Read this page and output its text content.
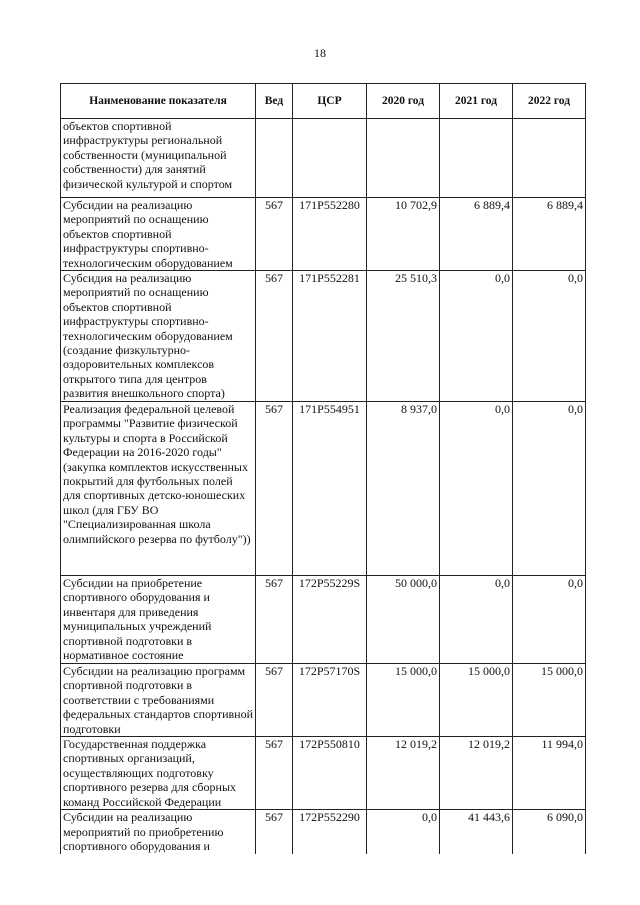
18
Наименование показателя	Вед	ЦСР	2020 год	2021 год	2022 год
объектов спортивной инфраструктуры региональной собственности (муниципальной собственности) для занятий физической культурой и спортом					
Субсидии на реализацию мероприятий по оснащению объектов спортивной инфраструктуры спортивно-технологическим оборудованием	567	171P552280	10 702,9	6 889,4	6 889,4
Субсидия на реализацию мероприятий по оснащению объектов спортивной инфраструктуры спортивно-технологическим оборудованием (создание физкультурно-оздоровительных комплексов открытого типа для центров развития внешкольного спорта)	567	171P552281	25 510,3	0,0	0,0
Реализация федеральной целевой программы "Развитие физической культуры и спорта в Российской Федерации на 2016-2020 годы" (закупка комплектов искусственных покрытий для футбольных полей для спортивных детско-юношеских школ (для ГБУ ВО "Специализированная школа олимпийского резерва по футболу"))	567	171P554951	8 937,0	0,0	0,0
Субсидии на приобретение спортивного оборудования и инвентаря для приведения муниципальных учреждений спортивной подготовки в нормативное состояние	567	172P55229S	50 000,0	0,0	0,0
Субсидии на реализацию программ спортивной подготовки в соответствии с требованиями федеральных стандартов спортивной подготовки	567	172P57170S	15 000,0	15 000,0	15 000,0
Государственная поддержка спортивных организаций, осуществляющих подготовку спортивного резерва для сборных команд Российской Федерации	567	172P550810	12 019,2	12 019,2	11 994,0
Субсидии на реализацию мероприятий по приобретению спортивного оборудования и	567	172P552290	0,0	41 443,6	6 090,0
